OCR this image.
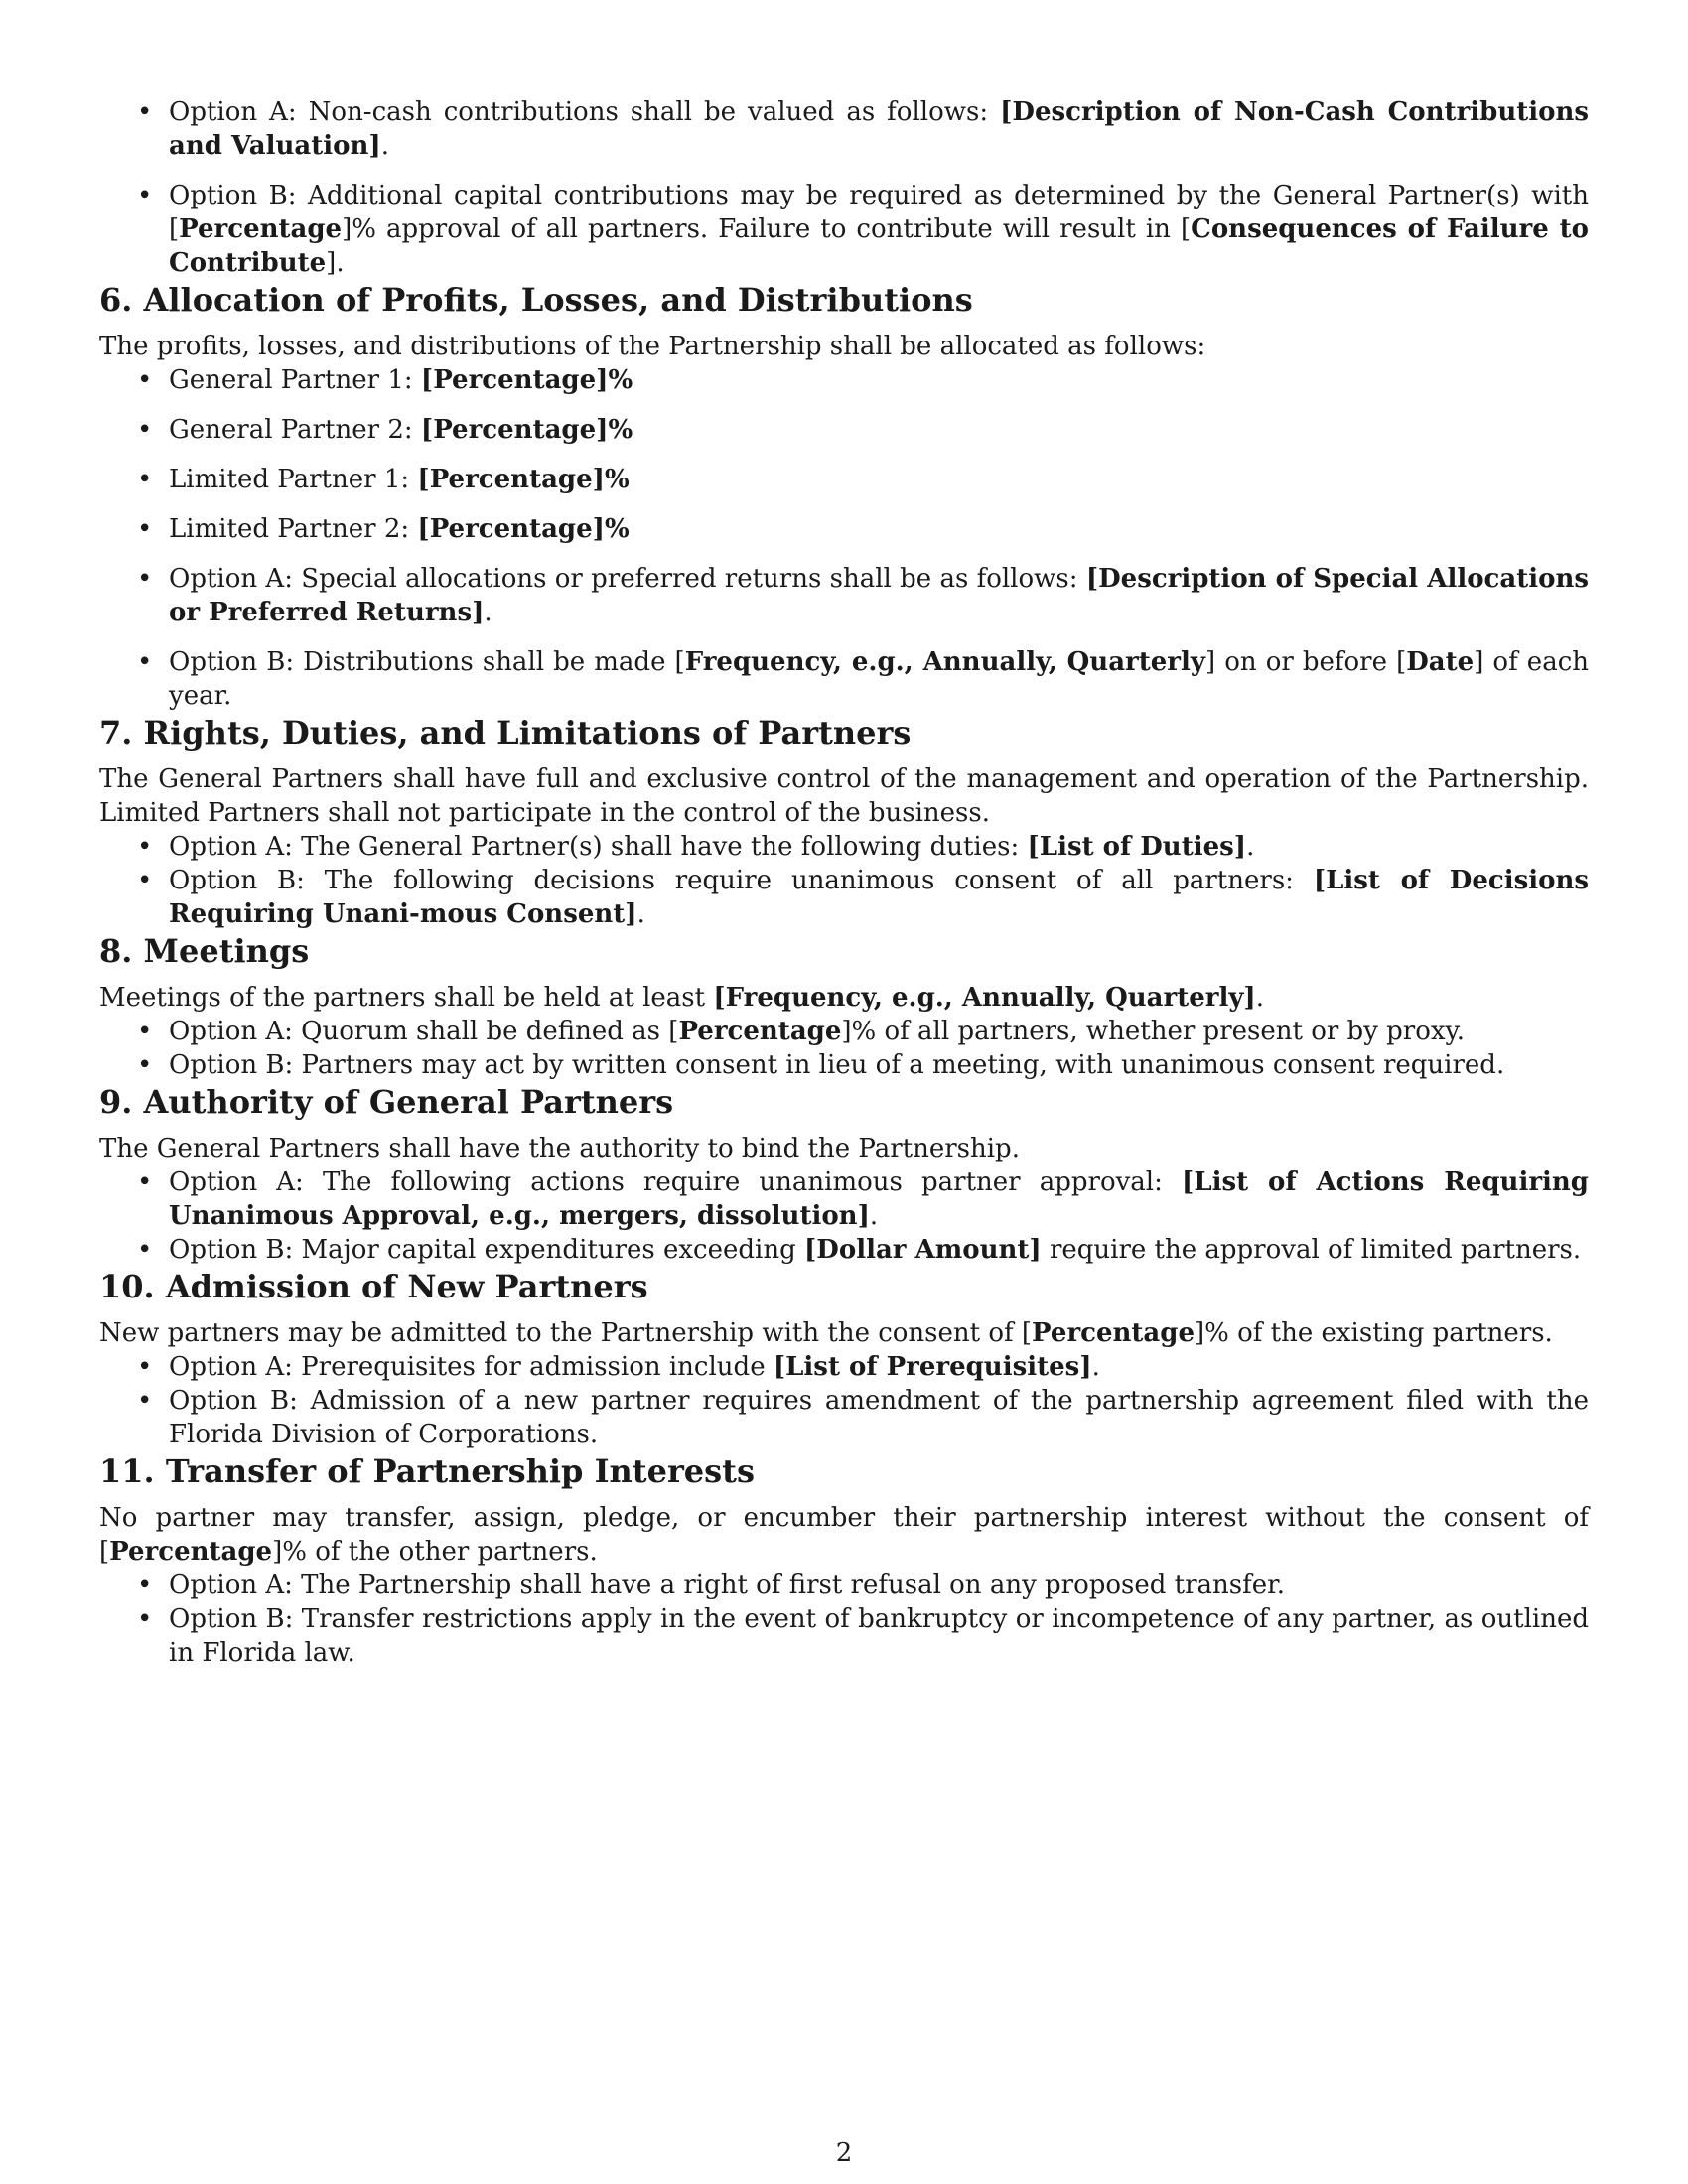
• Option A: Non-cash contributions shall be valued as follows: [Description of Non-Cash Contributions and Valuation].
• Option B: Additional capital contributions may be required as determined by the General Partner(s) with [Percentage]% approval of all partners. Failure to contribute will result in [Consequences of Failure to Contribute].
6. Allocation of Profits, Losses, and Distributions

The profits, losses, and distributions of the Partnership shall be allocated as follows:

• General Partner 1: [Percentage]%
• General Partner 2: [Percentage]%
• Limited Partner 1: [Percentage]%
• Limited Partner 2: [Percentage]%
• Option A: Special allocations or preferred returns shall be as follows: [Description of Special Allocations or Preferred Returns].
• Option B: Distributions shall be made [Frequency, e.g., Annually, Quarterly] on or before [Date] of each year.
7. Rights, Duties, and Limitations of Partners

The General Partners shall have full and exclusive control of the management and operation of the Partnership. Limited Partners shall not participate in the control of the business.

• Option A: The General Partner(s) shall have the following duties: [List of Duties].
• Option B: The following decisions require unanimous consent of all partners: [List of Decisions Requiring Unani-mous Consent].
8. Meetings

Meetings of the partners shall be held at least [Frequency, e.g., Annually, Quarterly].

• Option A: Quorum shall be defined as [Percentage]% of all partners, whether present or by proxy.
• Option B: Partners may act by written consent in lieu of a meeting, with unanimous consent required.
9. Authority of General Partners

The General Partners shall have the authority to bind the Partnership.

• Option A: The following actions require unanimous partner approval: [List of Actions Requiring Unanimous Approval, e.g., mergers, dissolution].
• Option B: Major capital expenditures exceeding [Dollar Amount] require the approval of limited partners.
10. Admission of New Partners

New partners may be admitted to the Partnership with the consent of [Percentage]% of the existing partners.

• Option A: Prerequisites for admission include [List of Prerequisites].
• Option B: Admission of a new partner requires amendment of the partnership agreement filed with the Florida Division of Corporations.
11. Transfer of Partnership Interests

No partner may transfer, assign, pledge, or encumber their partnership interest without the consent of [Percentage]% of the other partners.

• Option A: The Partnership shall have a right of first refusal on any proposed transfer.
• Option B: Transfer restrictions apply in the event of bankruptcy or incompetence of any partner, as outlined in Florida law.
2
